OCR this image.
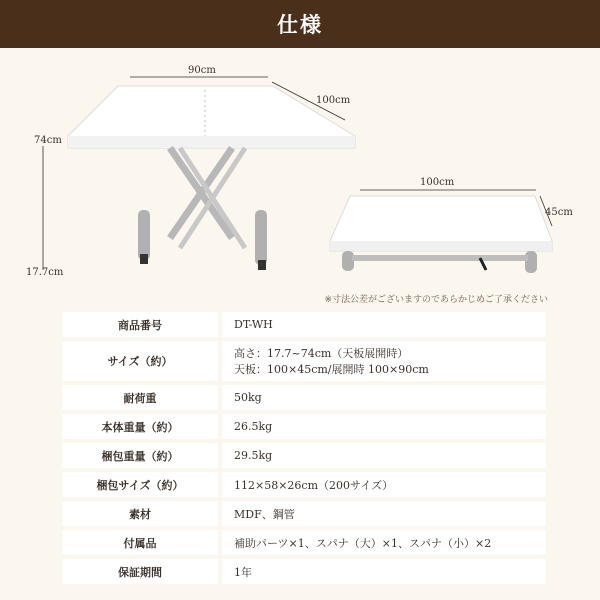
仕様
90cm
100cm
74cm
17.7cm
100cm
45cm
※寸法公差がございますのであらかじめご了承ください
商品番号	DT-WH
サイズ（約）	高さ：17.7~74cm（天板展開時）
天板：100×45cm/展開時 100×90cm

耐荷重	50kg
本体重量（約）	26.5kg
梱包重量（約）	29.5kg
梱包サイズ（約）	112×58×26cm（200サイズ）
素材	MDF、鋼管
付属品	補助パーツ×1、スパナ（大）×1、スパナ（小）×2
保証期間	1年
